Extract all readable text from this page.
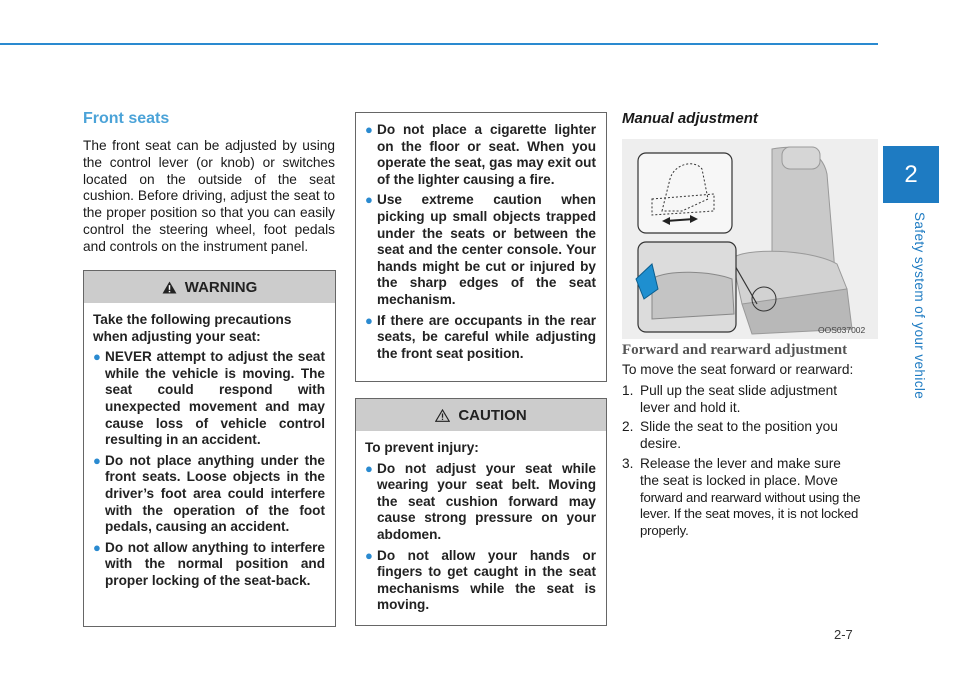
2
Safety system of your vehicle
Front seats

The front seat can be adjusted by using the control lever (or knob) or switches located on the outside of the seat cushion. Before driving, adjust the seat to the proper position so that you can easily control the steering wheel, foot pedals and controls on the instrument panel.

WARNING

Take the following precautions when adjusting your seat:

● NEVER attempt to adjust the seat while the vehicle is moving. The seat could respond with unexpected movement and may cause loss of vehicle control resulting in an accident.
● Do not place anything under the front seats. Loose objects in the driver’s foot area could interfere with the operation of the foot pedals, causing an accident.
● Do not allow anything to interfere with the normal position and proper locking of the seat-back.
● Do not place a cigarette lighter on the floor or seat. When you operate the seat, gas may exit out of the lighter causing a fire.
● Use extreme caution when picking up small objects trapped under the seats or between the seat and the center console. Your hands might be cut or injured by the sharp edges of the seat mechanism.
● If there are occupants in the rear seats, be careful while adjusting the front seat position.
CAUTION

To prevent injury:

● Do not adjust your seat while wearing your seat belt. Moving the seat cushion forward may cause strong pressure on your abdomen.
● Do not allow your hands or fingers to get caught in the seat mechanisms while the seat is moving.
Manual adjustment
OOS037002
Forward and rearward adjustment

To move the seat forward or rearward:

1. Pull up the seat slide adjustment
lever and hold it.
2. Slide the seat to the position you
desire.
3. Release the lever and make sure
the seat is locked in place. Move
forward and rearward without using the lever. If the seat moves, it is not locked properly.
2-7
